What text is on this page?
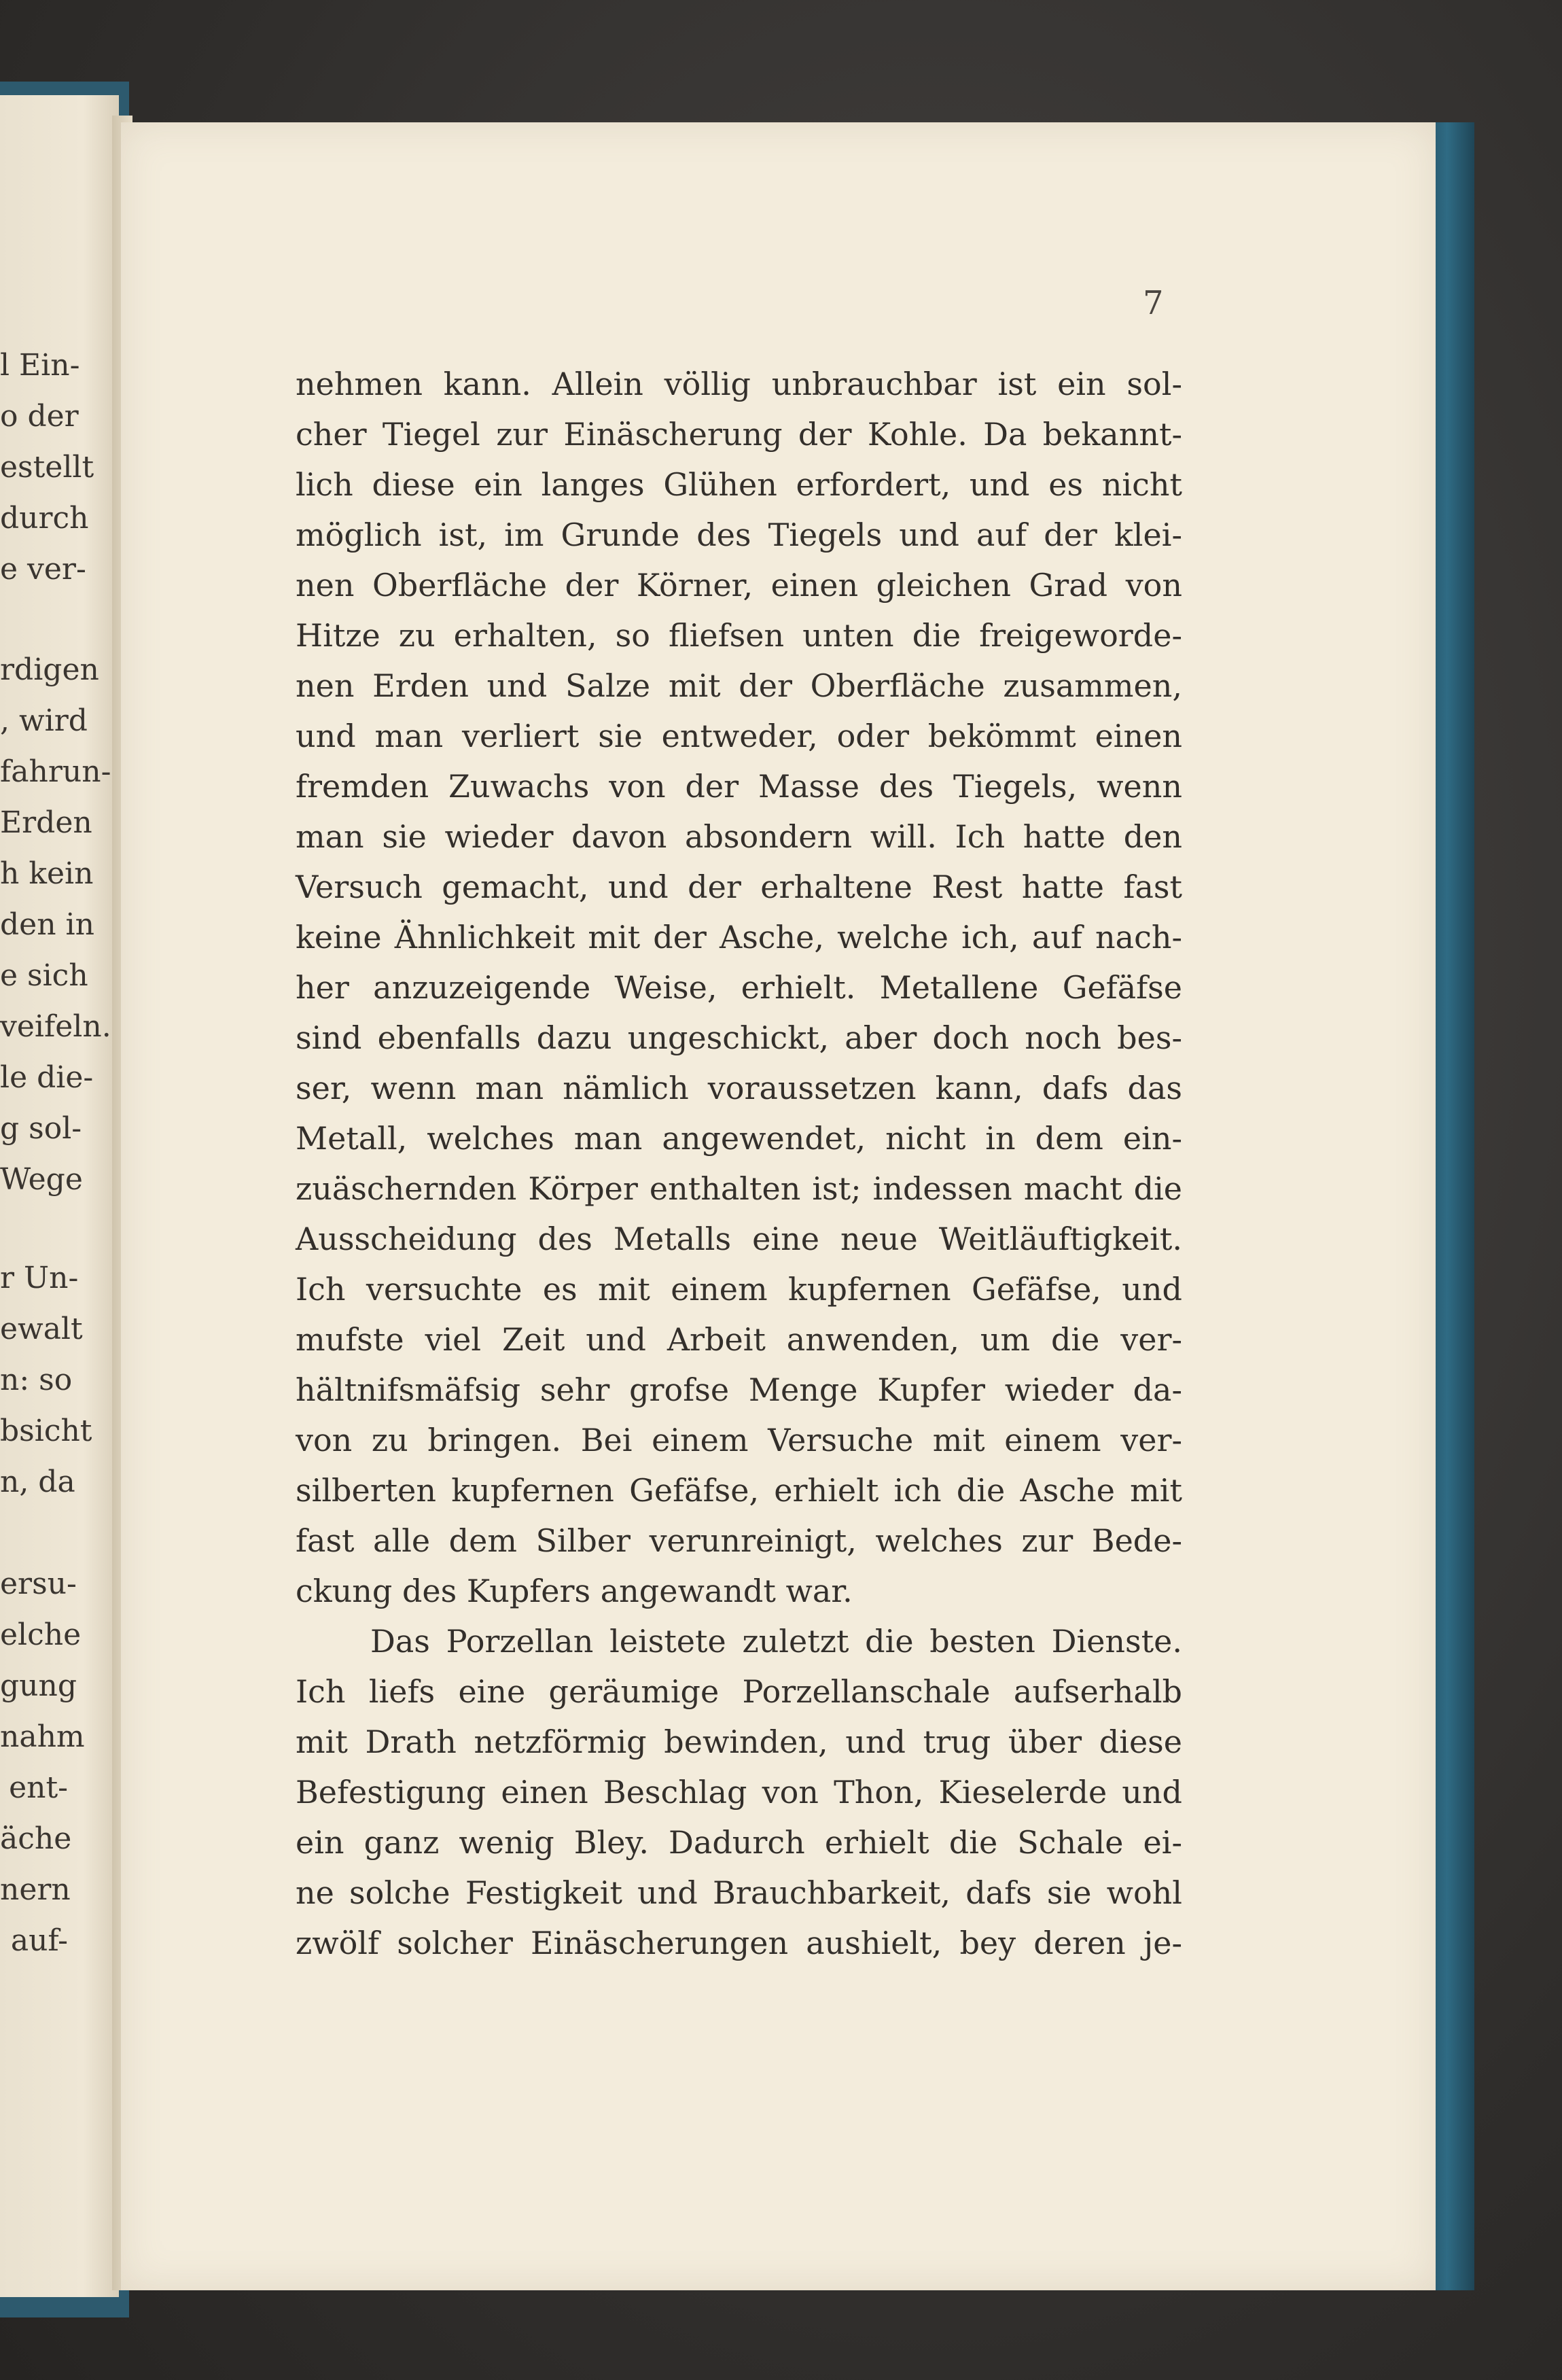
l Ein-
o der
estellt
durch
e ver-
rdigen
, wird
fahrun-
Erden
h kein
den in
e sich
veifeln.
le die-
g sol-
Wege
r Un-
ewalt
n: so
bsicht
n, da
ersu-
elche
gung
nahm
ent-
äche
nern
auf-
7
nehmen kann. Allein völlig unbrauchbar ist ein sol-
cher Tiegel zur Einäscherung der Kohle. Da bekannt-
lich diese ein langes Glühen erfordert, und es nicht
möglich ist, im Grunde des Tiegels und auf der klei-
nen Oberfläche der Körner, einen gleichen Grad von
Hitze zu erhalten, so fliefsen unten die freigeworde-
nen Erden und Salze mit der Oberfläche zusammen,
und man verliert sie entweder, oder bekömmt einen
fremden Zuwachs von der Masse des Tiegels, wenn
man sie wieder davon absondern will. Ich hatte den
Versuch gemacht, und der erhaltene Rest hatte fast
keine Ähnlichkeit mit der Asche, welche ich, auf nach-
her anzuzeigende Weise, erhielt. Metallene Gefäfse
sind ebenfalls dazu ungeschickt, aber doch noch bes-
ser, wenn man nämlich voraussetzen kann, dafs das
Metall, welches man angewendet, nicht in dem ein-
zuäschernden Körper enthalten ist; indessen macht die
Ausscheidung des Metalls eine neue Weitläuftigkeit.
Ich versuchte es mit einem kupfernen Gefäfse, und
mufste viel Zeit und Arbeit anwenden, um die ver-
hältnifsmäfsig sehr grofse Menge Kupfer wieder da-
von zu bringen. Bei einem Versuche mit einem ver-
silberten kupfernen Gefäfse, erhielt ich die Asche mit
fast alle dem Silber verunreinigt, welches zur Bede-
ckung des Kupfers angewandt war.
Das Porzellan leistete zuletzt die besten Dienste.
Ich liefs eine geräumige Porzellanschale aufserhalb
mit Drath netzförmig bewinden, und trug über diese
Befestigung einen Beschlag von Thon, Kieselerde und
ein ganz wenig Bley. Dadurch erhielt die Schale ei-
ne solche Festigkeit und Brauchbarkeit, dafs sie wohl
zwölf solcher Einäscherungen aushielt, bey deren je-
